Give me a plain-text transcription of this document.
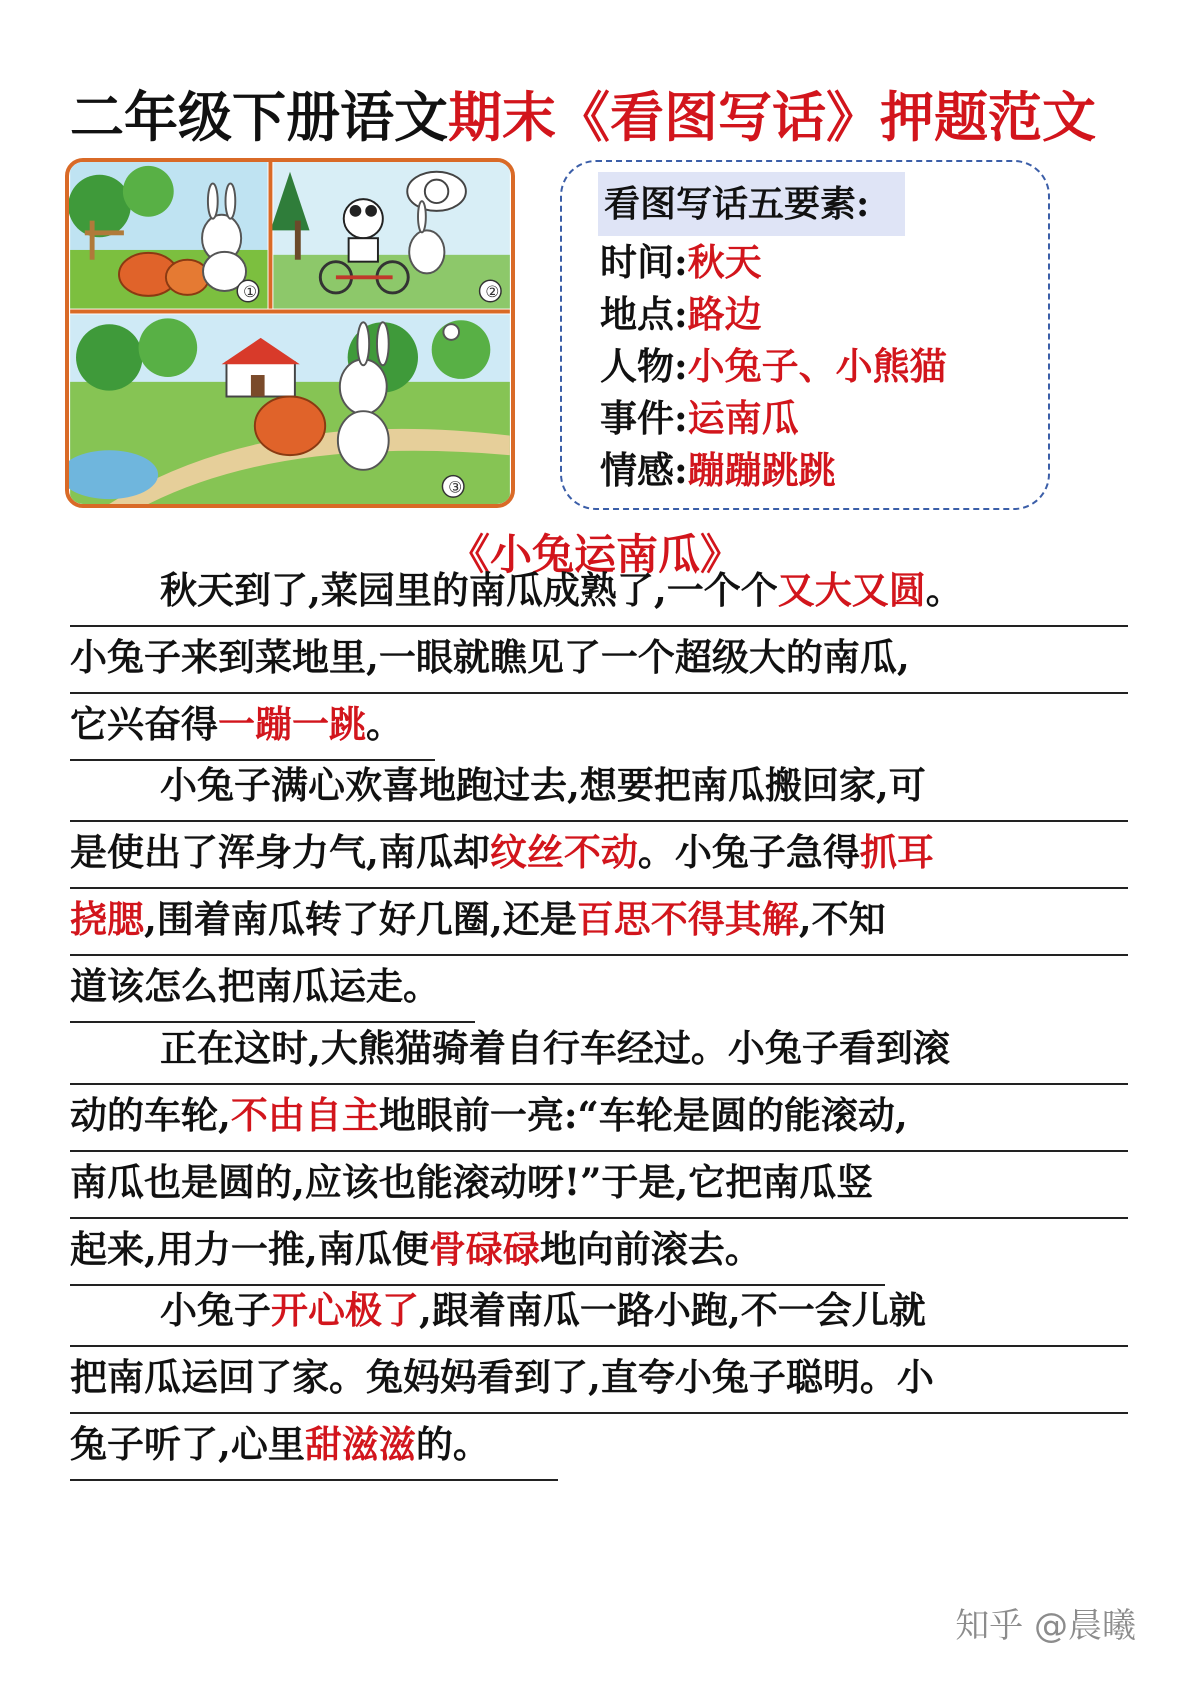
二年级下册语文期末《看图写话》押题范文
①	②
③
看图写话五要素:
时间:秋天
地点:路边
人物:小兔子、小熊猫
事件:运南瓜
情感:蹦蹦跳跳
《小兔运南瓜》
秋天到了,菜园里的南瓜成熟了,一个个又大又圆。
小兔子来到菜地里,一眼就瞧见了一个超级大的南瓜,
它兴奋得一蹦一跳。
小兔子满心欢喜地跑过去,想要把南瓜搬回家,可
是使出了浑身力气,南瓜却纹丝不动。小兔子急得抓耳
挠腮,围着南瓜转了好几圈,还是百思不得其解,不知
道该怎么把南瓜运走。
正在这时,大熊猫骑着自行车经过。小兔子看到滚
动的车轮,不由自主地眼前一亮:“车轮是圆的能滚动,
南瓜也是圆的,应该也能滚动呀!”于是,它把南瓜竖
起来,用力一推,南瓜便骨碌碌地向前滚去。
小兔子开心极了,跟着南瓜一路小跑,不一会儿就
把南瓜运回了家。兔妈妈看到了,直夸小兔子聪明。小
兔子听了,心里甜滋滋的。
知乎 @晨曦
